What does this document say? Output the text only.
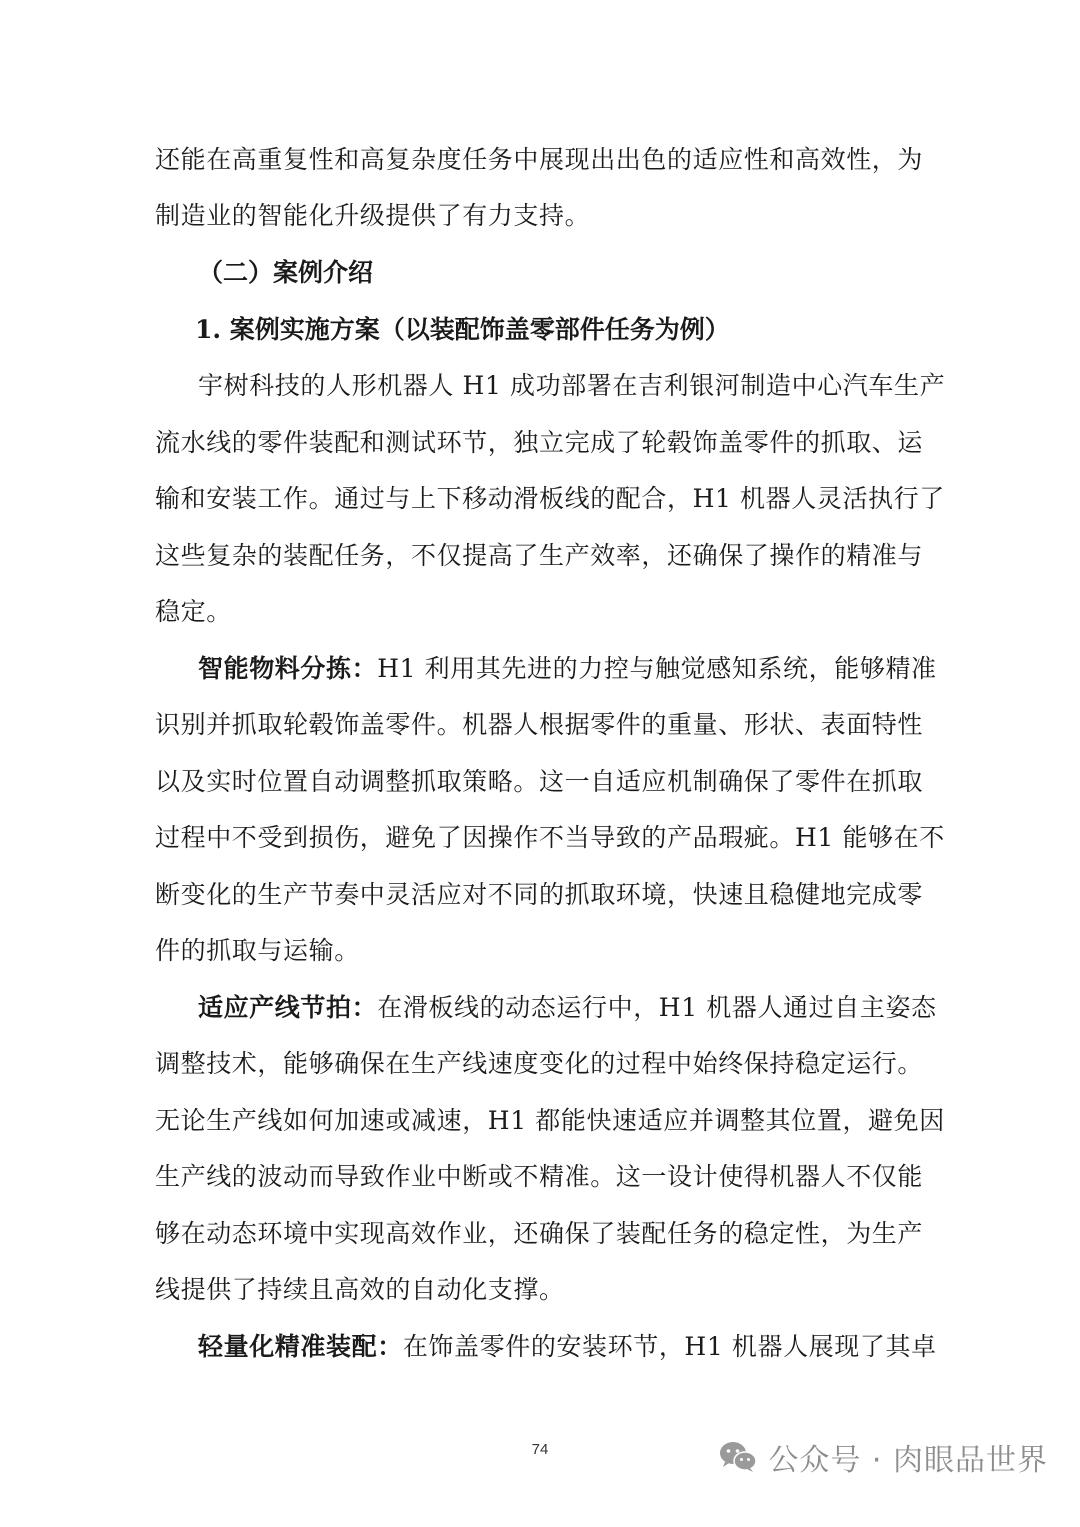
还能在高重复性和高复杂度任务中展现出出色的适应性和高效性，为
制造业的智能化升级提供了有力支持。
（二）案例介绍
1. 案例实施方案（以装配饰盖零部件任务为例）
宇树科技的人形机器人 H1 成功部署在吉利银河制造中心汽车生产
流水线的零件装配和测试环节，独立完成了轮毂饰盖零件的抓取、运
输和安装工作。通过与上下移动滑板线的配合，H1 机器人灵活执行了
这些复杂的装配任务，不仅提高了生产效率，还确保了操作的精准与
稳定。
智能物料分拣：H1 利用其先进的力控与触觉感知系统，能够精准
识别并抓取轮毂饰盖零件。机器人根据零件的重量、形状、表面特性
以及实时位置自动调整抓取策略。这一自适应机制确保了零件在抓取
过程中不受到损伤，避免了因操作不当导致的产品瑕疵。H1 能够在不
断变化的生产节奏中灵活应对不同的抓取环境，快速且稳健地完成零
件的抓取与运输。
适应产线节拍：在滑板线的动态运行中，H1 机器人通过自主姿态
调整技术，能够确保在生产线速度变化的过程中始终保持稳定运行。
无论生产线如何加速或减速，H1 都能快速适应并调整其位置，避免因
生产线的波动而导致作业中断或不精准。这一设计使得机器人不仅能
够在动态环境中实现高效作业，还确保了装配任务的稳定性，为生产
线提供了持续且高效的自动化支撑。
轻量化精准装配：在饰盖零件的安装环节，H1 机器人展现了其卓
74	公众号 · 肉眼品世界
